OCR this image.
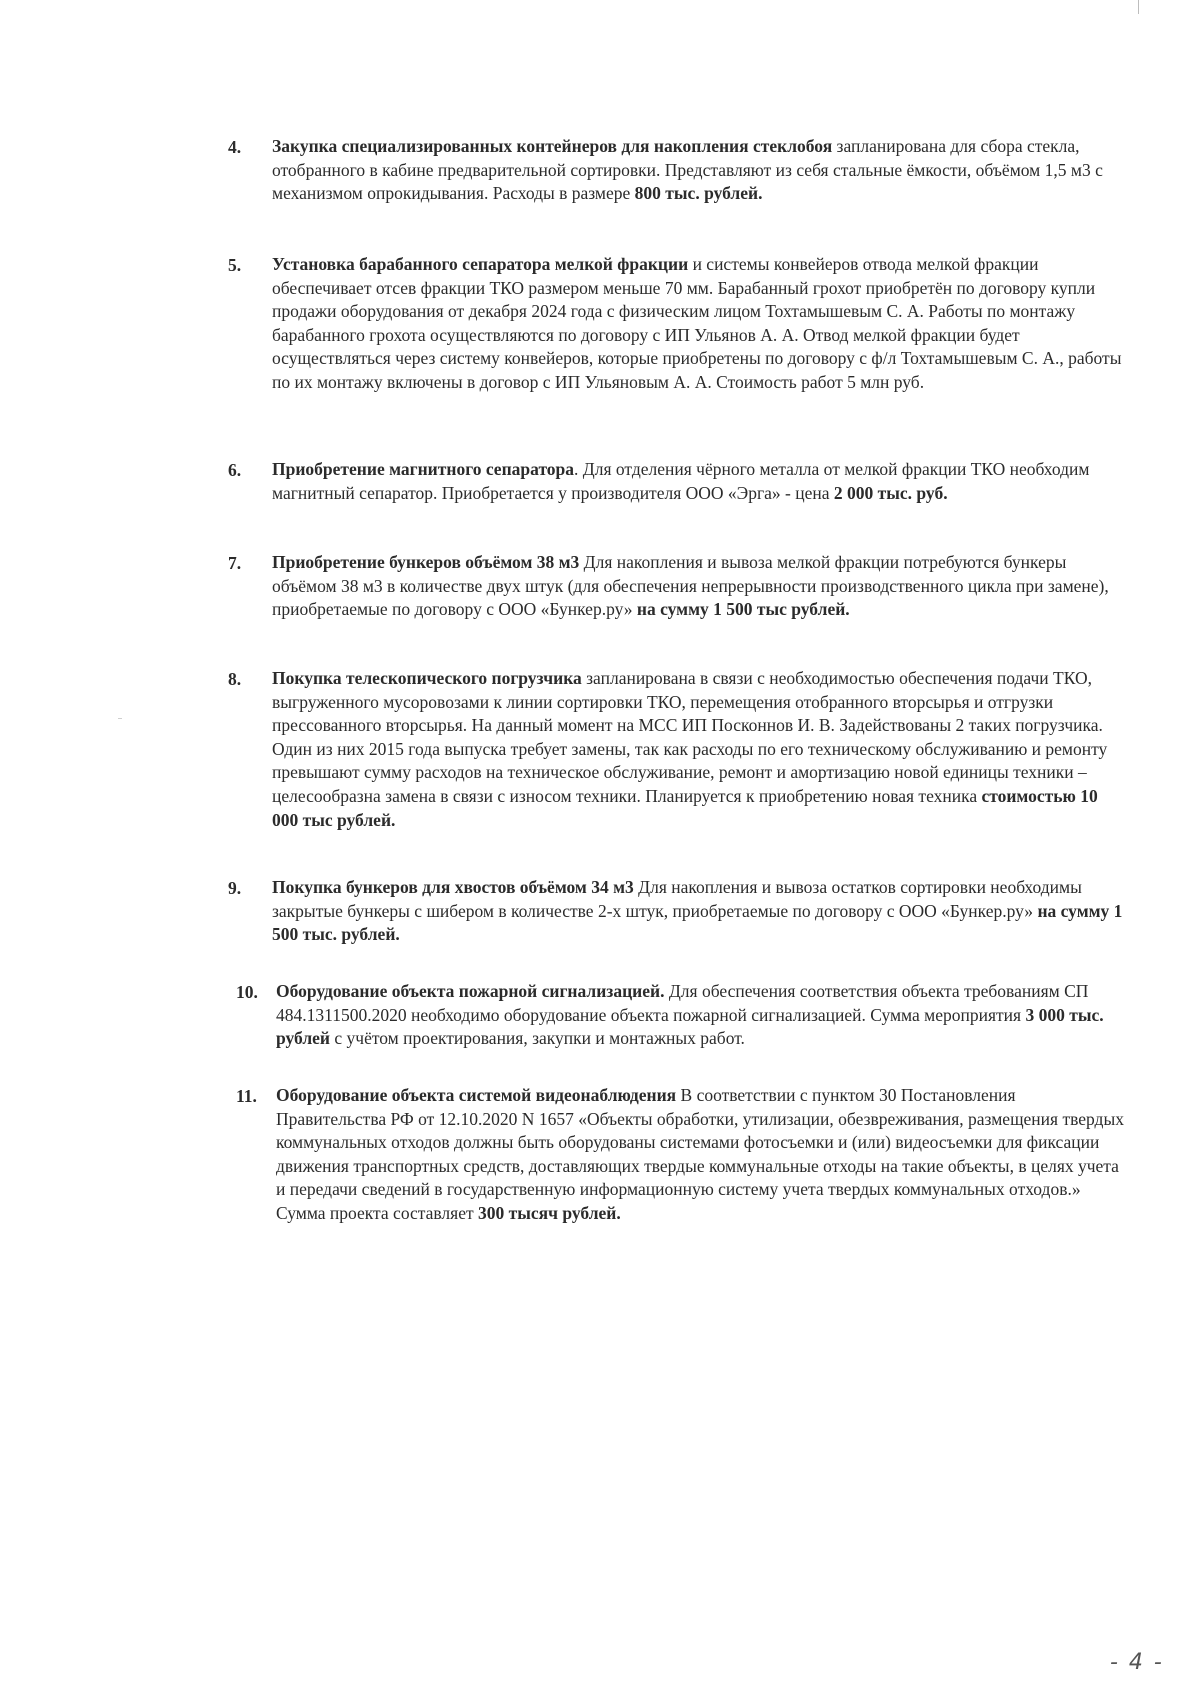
4.	Закупка специализированных контейнеров для накопления стеклобоя запланирована для сбора стекла, отобранного в кабине предварительной сортировки. Представляют из себя стальные ёмкости, объёмом 1,5 м3 с механизмом опрокидывания. Расходы в размере 800 тыс. рублей.
5.	Установка барабанного сепаратора мелкой фракции и системы конвейеров отвода мелкой фракции обеспечивает отсев фракции ТКО размером меньше 70 мм. Барабанный грохот приобретён по договору купли продажи оборудования от декабря 2024 года с физическим лицом Тохтамышевым С. А. Работы по монтажу барабанного грохота осуществляются по договору с ИП Ульянов А. А. Отвод мелкой фракции будет осуществляться через систему конвейеров, которые приобретены по договору с ф/л Тохтамышевым С. А., работы по их монтажу включены в договор с ИП Ульяновым А. А. Стоимость работ 5 млн руб.
6.	Приобретение магнитного сепаратора. Для отделения чёрного металла от мелкой фракции ТКО необходим магнитный сепаратор. Приобретается у производителя ООО «Эрга» - цена 2 000 тыс. руб.
7.	Приобретение бункеров объёмом 38 м3 Для накопления и вывоза мелкой фракции потребуются бункеры объёмом 38 м3 в количестве двух штук (для обеспечения непрерывности производственного цикла при замене), приобретаемые по договору с ООО «Бункер.ру» на сумму 1 500 тыс рублей.
8.	Покупка телескопического погрузчика запланирована в связи с необходимостью обеспечения подачи ТКО, выгруженного мусоровозами к линии сортировки ТКО, перемещения отобранного вторсырья и отгрузки прессованного вторсырья. На данный момент на МСС ИП Посконнов И. В. Задействованы 2 таких погрузчика. Один из них 2015 года выпуска требует замены, так как расходы по его техническому обслуживанию и ремонту превышают сумму расходов на техническое обслуживание, ремонт и амортизацию новой единицы техники – целесообразна замена в связи с износом техники. Планируется к приобретению новая техника стоимостью 10 000 тыс рублей.
9.	Покупка бункеров для хвостов объёмом 34 м3 Для накопления и вывоза остатков сортировки необходимы закрытые бункеры с шибером в количестве 2-х штук, приобретаемые по договору с ООО «Бункер.ру» на сумму 1 500 тыс. рублей.
10.	Оборудование объекта пожарной сигнализацией. Для обеспечения соответствия объекта требованиям СП 484.1311500.2020 необходимо оборудование объекта пожарной сигнализацией. Сумма мероприятия 3 000 тыс. рублей с учётом проектирования, закупки и монтажных работ.
11.	Оборудование объекта системой видеонаблюдения В соответствии с пунктом 30 Постановления Правительства РФ от 12.10.2020 N 1657 «Объекты обработки, утилизации, обезвреживания, размещения твердых коммунальных отходов должны быть оборудованы системами фотосъемки и (или) видеосъемки для фиксации движения транспортных средств, доставляющих твердые коммунальные отходы на такие объекты, в целях учета и передачи сведений в государственную информационную систему учета твердых коммунальных отходов.» Сумма проекта составляет 300 тысяч рублей.
- 4 -
